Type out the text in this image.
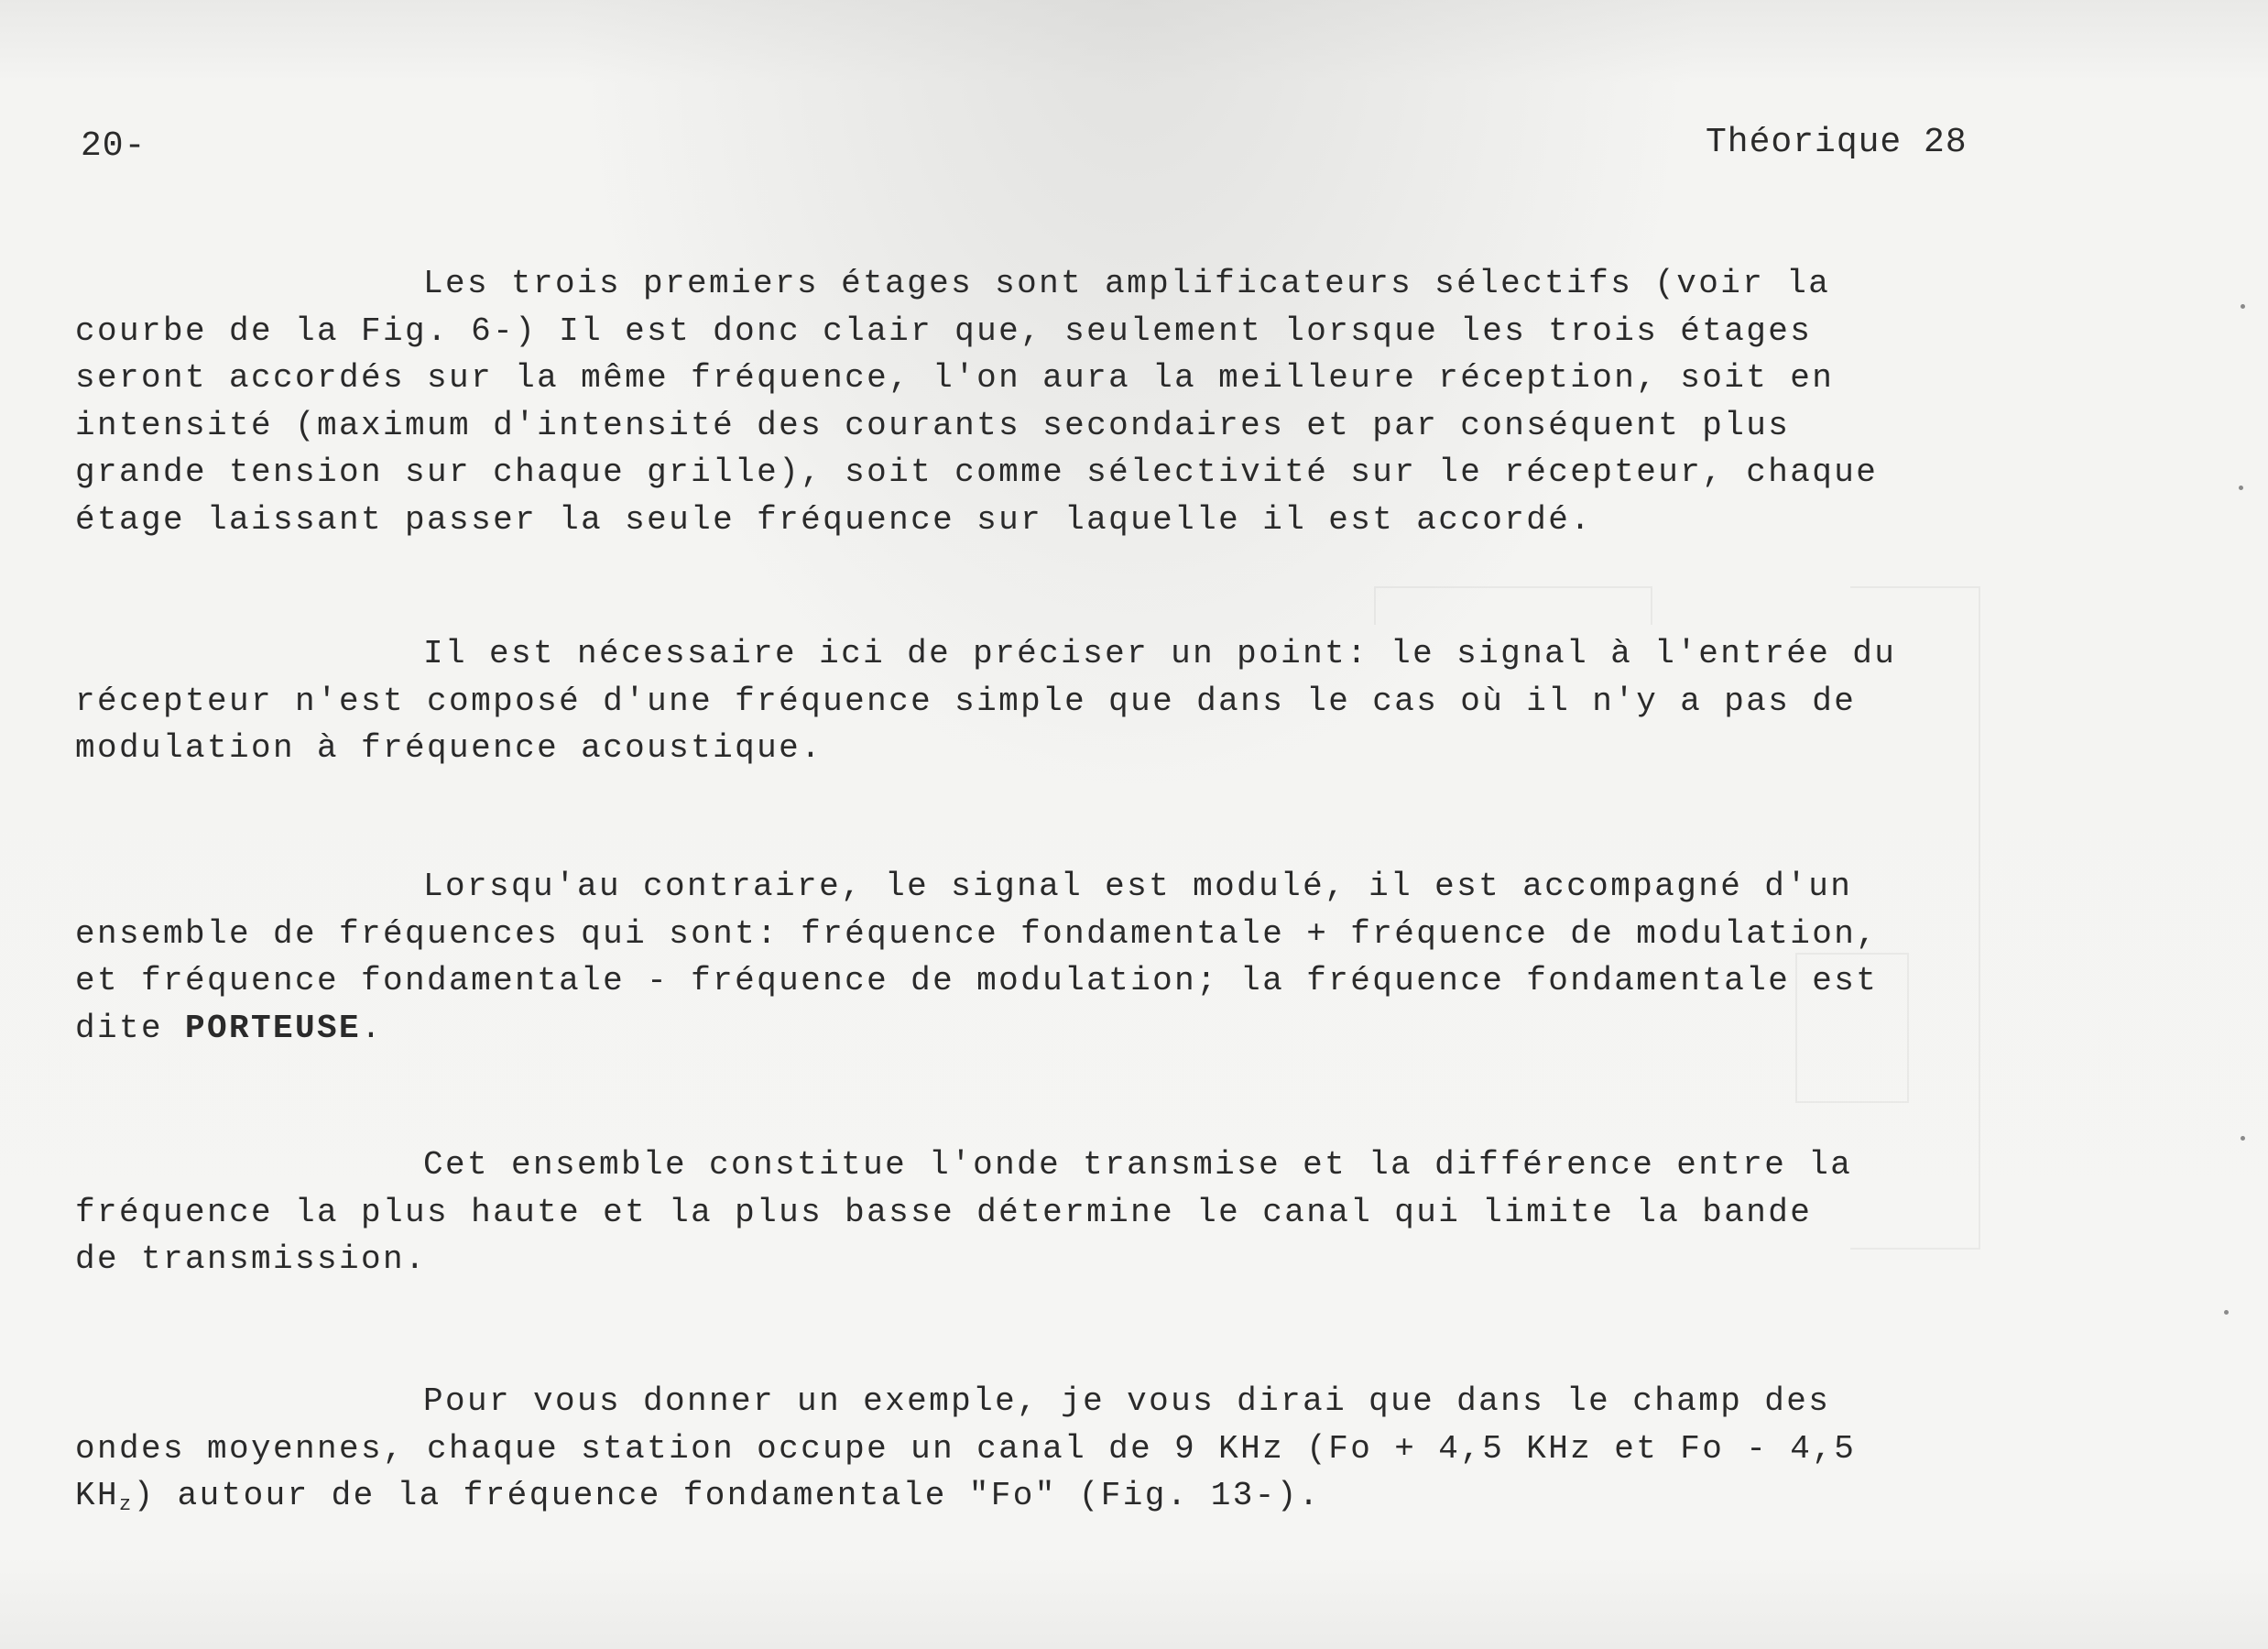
20-	Théorique 28
Les trois premiers étages sont amplificateurs sélectifs (voir la
courbe de la Fig. 6-) Il est donc clair que, seulement lorsque les trois étages
seront accordés sur la même fréquence, l'on aura la meilleure réception, soit en
intensité (maximum d'intensité des courants secondaires et par conséquent plus
grande tension sur chaque grille), soit comme sélectivité sur le récepteur, chaque
étage laissant passer la seule fréquence sur laquelle il est accordé.
Il est nécessaire ici de préciser un point: le signal à l'entrée du
récepteur n'est composé d'une fréquence simple que dans le cas où il n'y a pas de
modulation à fréquence acoustique.
Lorsqu'au contraire, le signal est modulé, il est accompagné d'un
ensemble de fréquences qui sont: fréquence fondamentale + fréquence de modulation,
et fréquence fondamentale - fréquence de modulation; la fréquence fondamentale est
dite PORTEUSE.
Cet ensemble constitue l'onde transmise et la différence entre la
fréquence la plus haute et la plus basse détermine le canal qui limite la bande
de transmission.
Pour vous donner un exemple, je vous dirai que dans le champ des
ondes moyennes, chaque station occupe un canal de 9 KHz (Fo + 4,5 KHz et Fo - 4,5
$KH_z$) autour de la fréquence fondamentale "Fo" (Fig. 13-).
